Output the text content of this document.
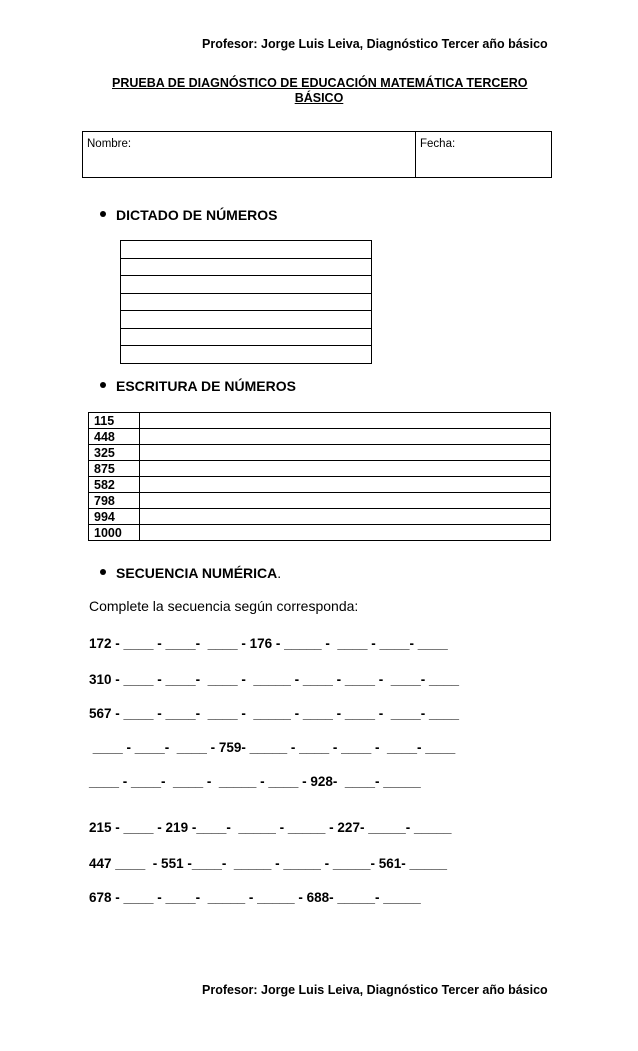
Profesor: Jorge Luis Leiva, Diagnóstico Tercer año básico
PRUEBA DE DIAGNÓSTICO DE EDUCACIÓN MATEMÁTICA TERCERO
BÁSICO
Nombre:	Fecha:
DICTADO DE NÚMEROS
ESCRITURA DE NÚMEROS
115	
448	
325	
875	
582	
798	
994	
1000	
SECUENCIA NUMÉRICA.
Complete la secuencia según corresponda:
172 - ____ - ____-  ____ - 176 - _____ -  ____ - ____- ____
310 - ____ - ____-  ____ -  _____ - ____ - ____ -  ____- ____
567 - ____ - ____-  ____ -  _____ - ____ - ____ -  ____- ____
____ - ____-  ____ - 759- _____ - ____ - ____ -  ____- ____
____ - ____-  ____ -  _____ - ____ - 928-  ____- _____
215 - ____ - 219 -____-  _____ - _____ - 227- _____- _____
447 ____  - 551 -____-  _____ - _____ - _____- 561- _____
678 - ____ - ____-  _____ - _____ - 688- _____- _____
Profesor: Jorge Luis Leiva, Diagnóstico Tercer año básico
